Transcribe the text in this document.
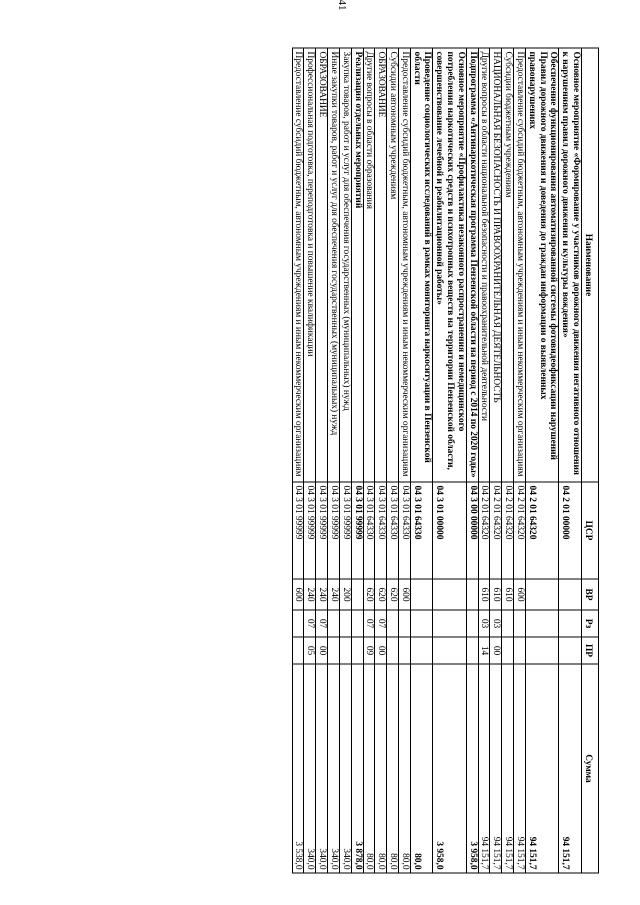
41
Наименование	ЦСР	ВР	Рз	ПР	Сумма
Основное мероприятие «Формирование у участников дорожного движения негативного отношения к нарушениям правил дорожного движения и культуры вождения»	04 2 01 00000				94 151,7
Обеспечение функционирования автоматизированной системы фотовидеофиксации нарушений Правил дорожного движения и доведения до граждан информации о выявленных правонарушениях	04 2 01 64320				94 151,7
Предоставление субсидий бюджетным, автономным учреждениям и иным некоммерческим организациям	04 2 01 64320	600			94 151,7
Субсидии бюджетным учреждениям	04 2 01 64320	610			94 151,7
НАЦИОНАЛЬНАЯ БЕЗОПАСНОСТЬ И ПРАВООХРАНИТЕЛЬНАЯ ДЕЯТЕЛЬНОСТЬ	04 2 01 64320	610	03	00	94 151,7
Другие вопросы в области национальной безопасности и правоохранительной деятельности	04 2 01 64320	610	03	14	94 151,7
Подпрограмма «Антинаркотическая программа Пензенской области на период с 2014 по 2020 годы»	04 3 00 00000				3 958,0
Основное мероприятие «Профилактика незаконного распространения и немедицинского потребления наркотических средств и психотропных веществ на территории Пензенской области, совершенствование лечебной и реабилитационной работы»	04 3 01 00000				3 958,0
Проведение социологических исследований в рамках мониторинга наркоситуации в Пензенской области	04 3 01 64330				80,0
Предоставление субсидий бюджетным, автономным учреждениям и иным некоммерческим организациям	04 3 01 64330	600			80,0
Субсидии автономным учреждениям	04 3 01 64330	620			80,0
ОБРАЗОВАНИЕ	04 3 01 64330	620	07	00	80,0
Другие вопросы в области образования	04 3 01 64330	620	07	09	80,0
Реализация отдельных мероприятий	04 3 01 99999				3 878,0
Закупка товаров, работ и услуг для обеспечения государственных (муниципальных) нужд	04 3 01 99999	200			340,0
Иные закупки товаров, работ и услуг для обеспечения государственных (муниципальных) нужд	04 3 01 99999	240			340,0
ОБРАЗОВАНИЕ	04 3 01 99999	240	07	00	340,0
Профессиональная подготовка, переподготовка и повышение квалификации	04 3 01 99999	240	07	05	340,0
Предоставление субсидий бюджетным, автономным учреждениям и иным некоммерческим организациям	04 3 01 99999	600			3 538,0
